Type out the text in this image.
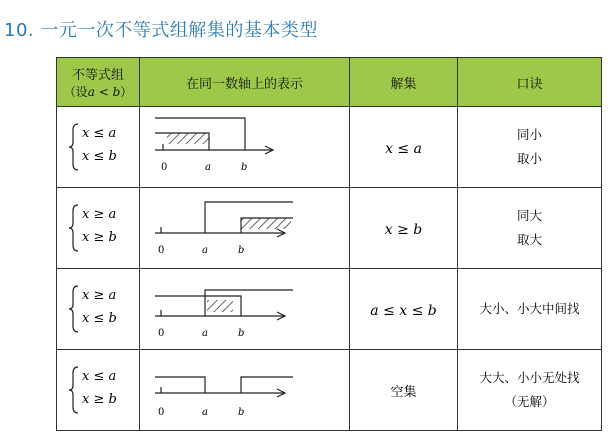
10. 一元一次不等式组解集的基本类型
不等式组
（设a < b）	在同一数轴上的表示	解集	口诀

x ≤ a
x ≤ b	0 a b	x ≤ a	同小
取小

x ≥ a
x ≥ b	0 a b	x ≥ b	同大
取大

x ≥ a
x ≤ b	0 a b	a ≤ x ≤ b	大小、小大中间找

x ≤ a
x ≥ b	0 a b	空集	大大、小小无处找
（无解）
